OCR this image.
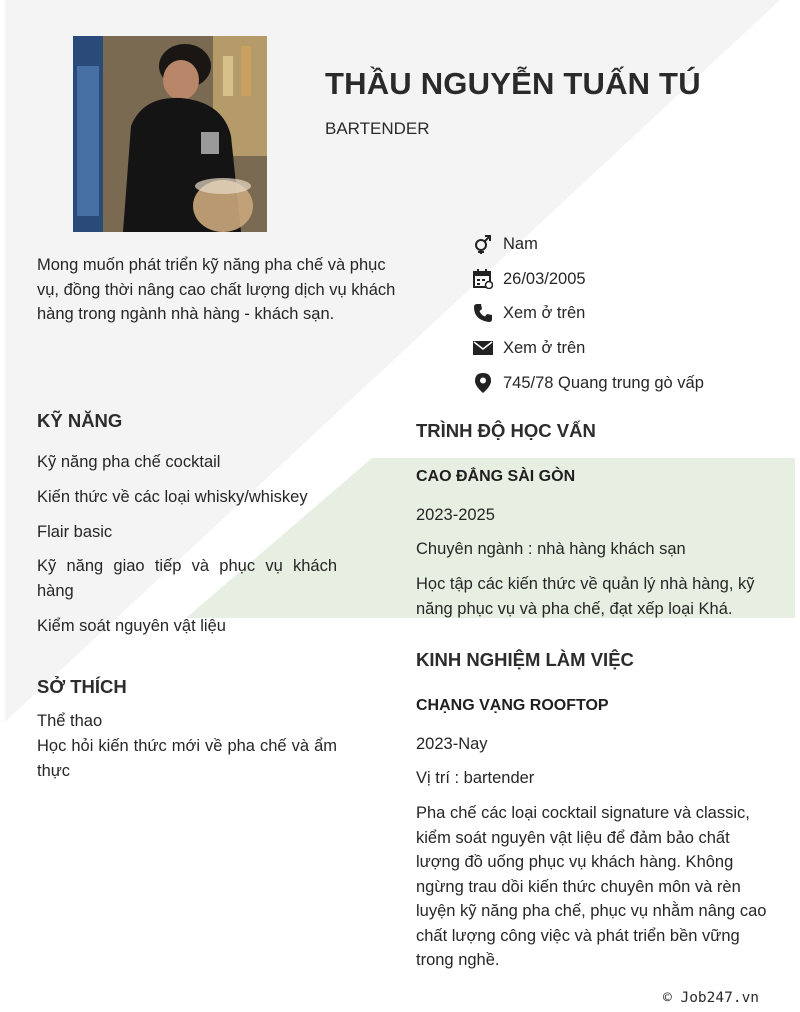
THẦU NGUYỄN TUẤN TÚ
BARTENDER
Mong muốn phát triển kỹ năng pha chế và phục vụ, đồng thời nâng cao chất lượng dịch vụ khách hàng trong ngành nhà hàng - khách sạn.
Nam
26/03/2005
Xem ở trên
Xem ở trên
745/78 Quang trung gò vấp
KỸ NĂNG
Kỹ năng pha chế cocktail
Kiến thức về các loại whisky/whiskey
Flair basic
Kỹ năng giao tiếp và phục vụ khách hàng
Kiểm soát nguyên vật liệu
SỞ THÍCH
Thể thao
Học hỏi kiến thức mới về pha chế và ẩm thực
TRÌNH ĐỘ HỌC VẤN
CAO ĐẲNG SÀI GÒN
2023-2025
Chuyên ngành : nhà hàng khách sạn
Học tập các kiến thức về quản lý nhà hàng, kỹ năng phục vụ và pha chế, đạt xếp loại Khá.
KINH NGHIỆM LÀM VIỆC
CHẠNG VẠNG ROOFTOP
2023-Nay
Vị trí : bartender
Pha chế các loại cocktail signature và classic, kiểm soát nguyên vật liệu để đảm bảo chất lượng đồ uống phục vụ khách hàng. Không ngừng trau dồi kiến thức chuyên môn và rèn luyện kỹ năng pha chế, phục vụ nhằm nâng cao chất lượng công việc và phát triển bền vững trong nghề.
© Job247.vn
